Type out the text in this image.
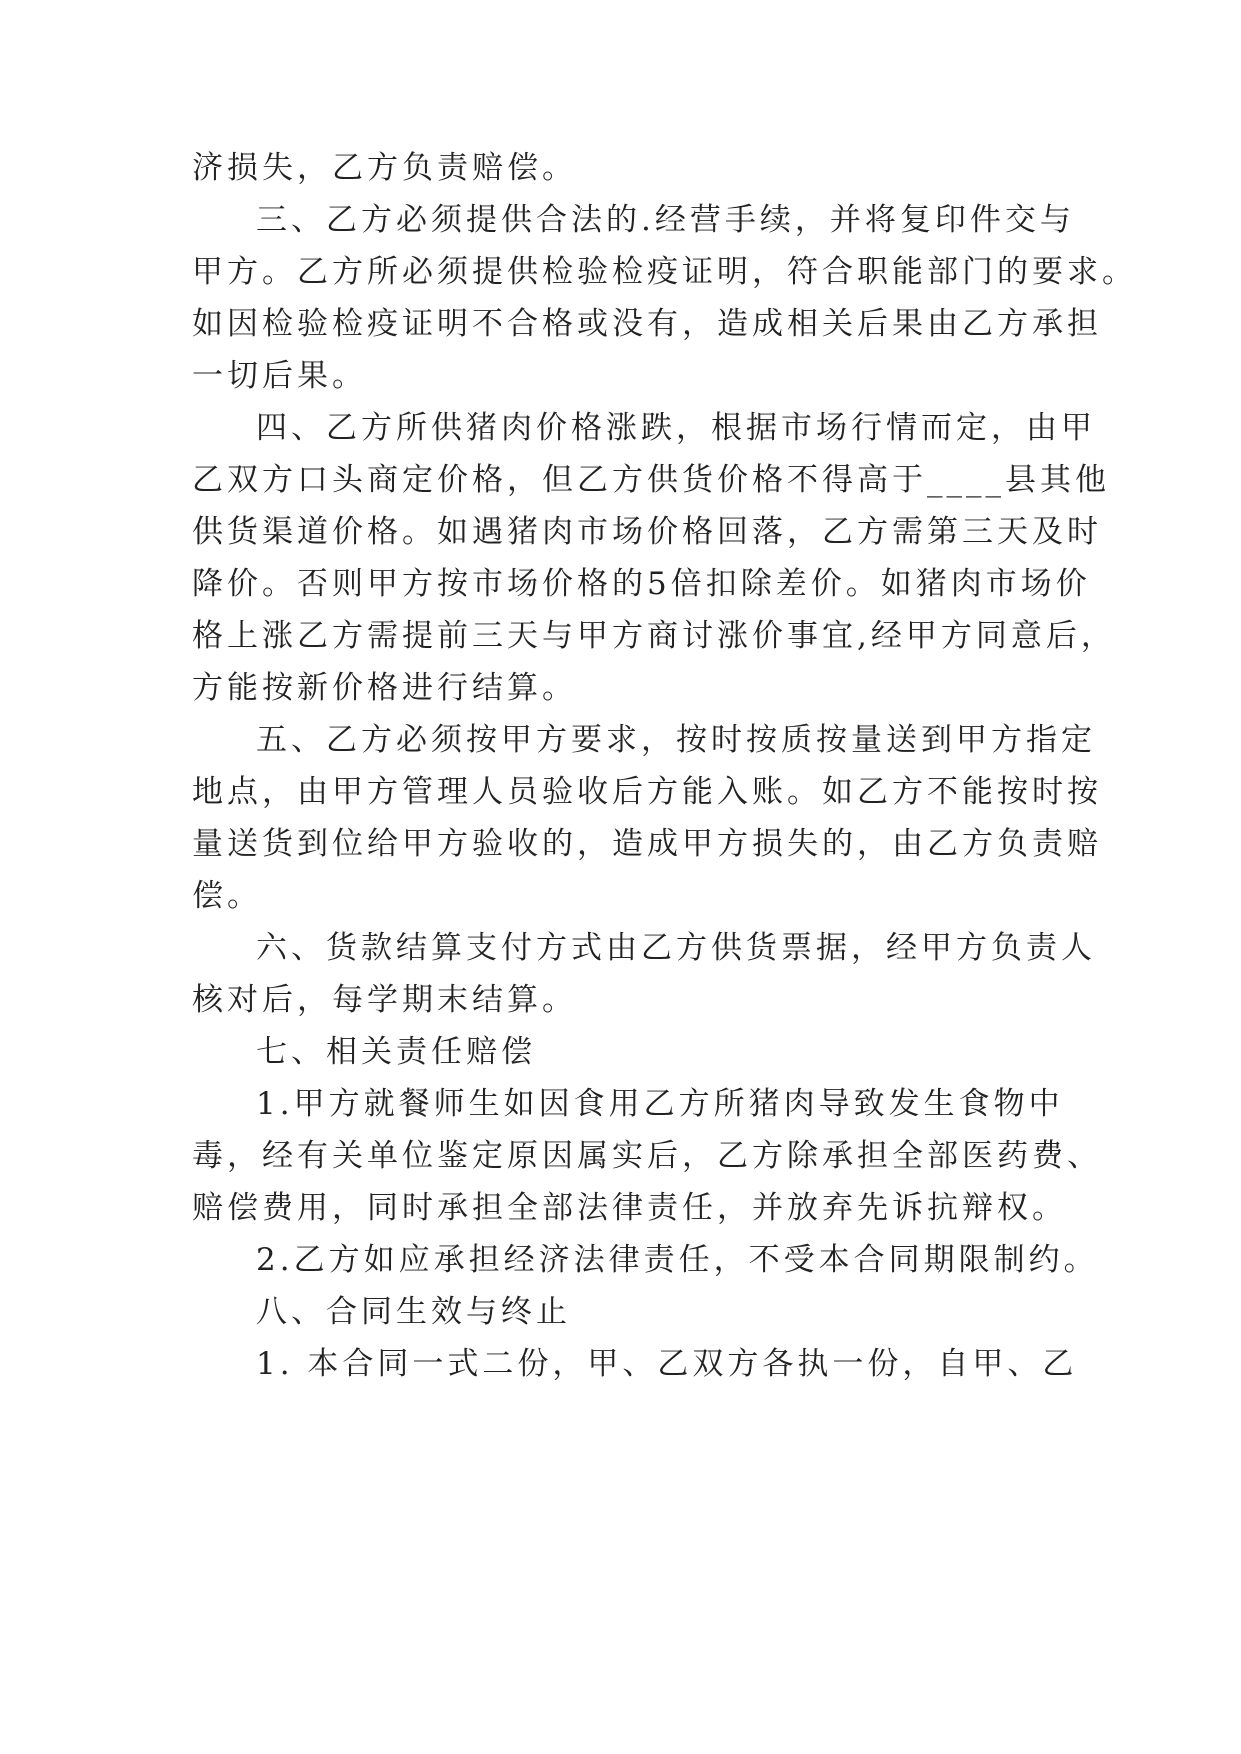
济损失，乙方负责赔偿。
三、乙方必须提供合法的.经营手续，并将复印件交与
甲方。乙方所必须提供检验检疫证明，符合职能部门的要求。
如因检验检疫证明不合格或没有，造成相关后果由乙方承担
一切后果。
四、乙方所供猪肉价格涨跌，根据市场行情而定，由甲
乙双方口头商定价格，但乙方供货价格不得高于____县其他
供货渠道价格。如遇猪肉市场价格回落，乙方需第三天及时
降价。否则甲方按市场价格的5倍扣除差价。如猪肉市场价
格上涨乙方需提前三天与甲方商讨涨价事宜,经甲方同意后，
方能按新价格进行结算。
五、乙方必须按甲方要求，按时按质按量送到甲方指定
地点，由甲方管理人员验收后方能入账。如乙方不能按时按
量送货到位给甲方验收的，造成甲方损失的，由乙方负责赔
偿。
六、货款结算支付方式由乙方供货票据，经甲方负责人
核对后，每学期末结算。
七、相关责任赔偿
1.甲方就餐师生如因食用乙方所猪肉导致发生食物中
毒，经有关单位鉴定原因属实后，乙方除承担全部医药费、
赔偿费用，同时承担全部法律责任，并放弃先诉抗辩权。
2.乙方如应承担经济法律责任，不受本合同期限制约。
八、合同生效与终止
1. 本合同一式二份，甲、乙双方各执一份，自甲、乙
